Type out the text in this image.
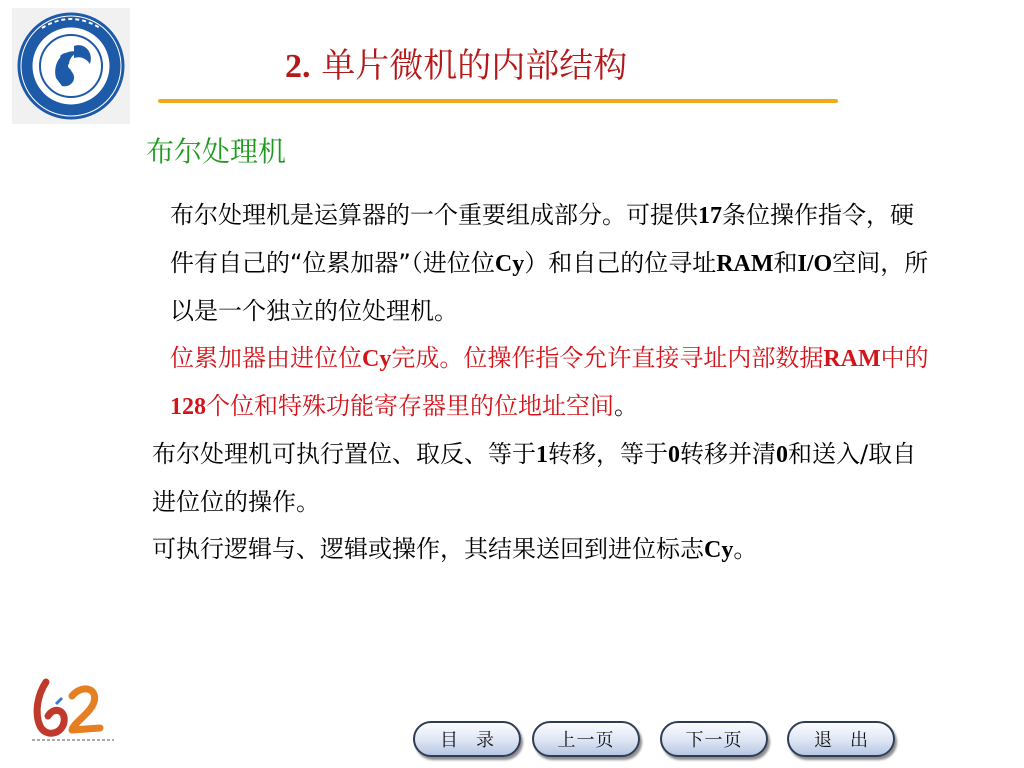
2. 单片微机的内部结构
布尔处理机

布尔处理机是运算器的一个重要组成部分。可提供17条位操作指令，硬件有自己的“位累加器”（进位位Cy）和自己的位寻址RAM和I/O空间，所以是一个独立的位处理机。

位累加器由进位位Cy完成。位操作指令允许直接寻址内部数据RAM中的128个位和特殊功能寄存器里的位地址空间。

布尔处理机可执行置位、取反、等于1转移，等于0转移并清0和送入/取自进位位的操作。

可执行逻辑与、逻辑或操作，其结果送回到进位标志Cy。

目录	上一页	下一页	退出
